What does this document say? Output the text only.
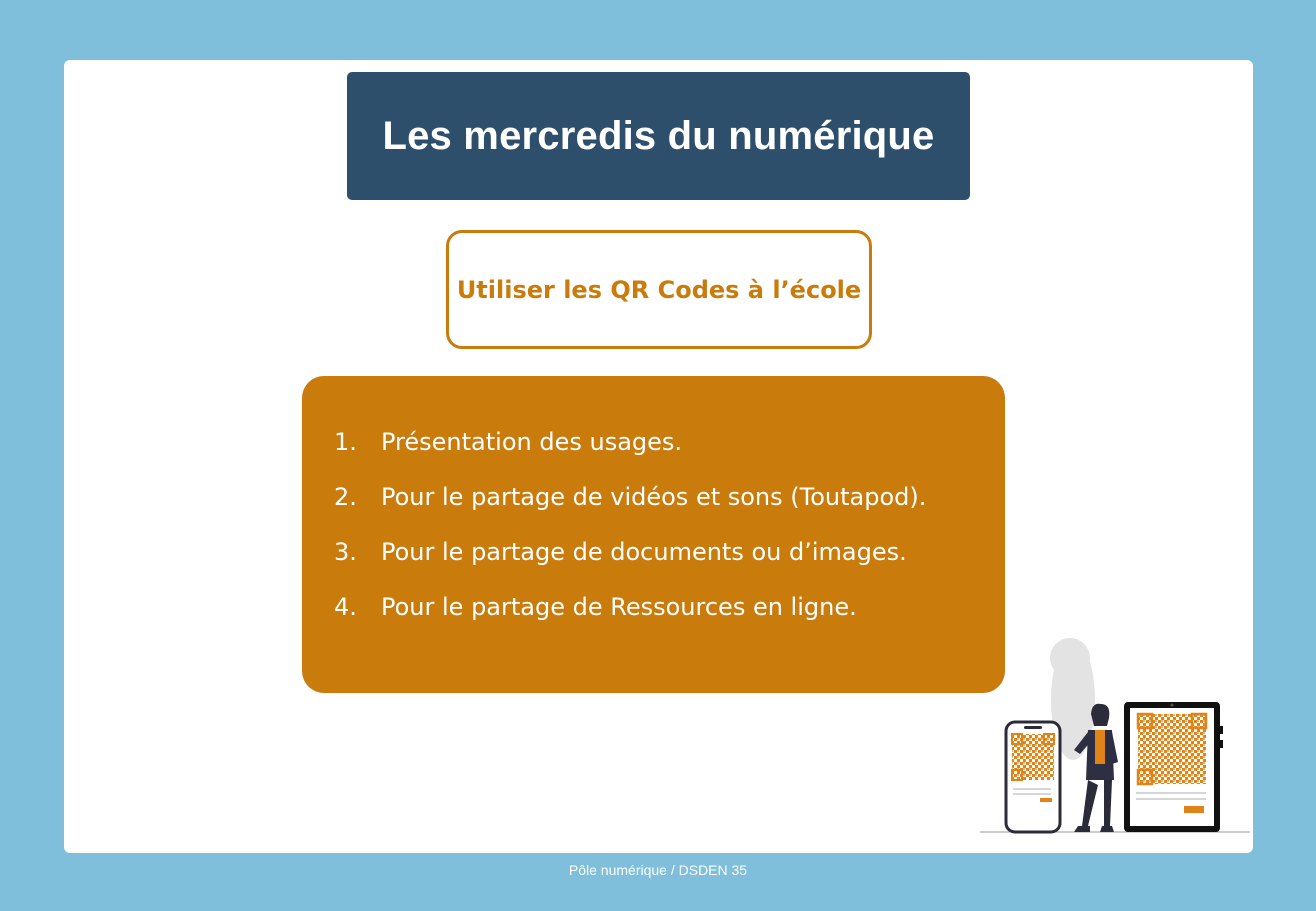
Les mercredis du numérique
Utiliser les QR Codes à l’école
1.	Présentation des usages.
2.	Pour le partage de vidéos et sons (Toutapod).
3.	Pour le partage de documents ou d’images.
4.	Pour le partage de Ressources en ligne.
Pôle numérique / DSDEN 35
